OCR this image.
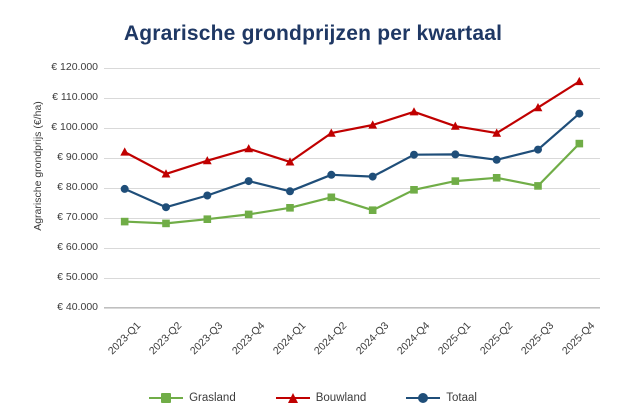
Agrarische grondprijzen per kwartaal
Agrarische grondprijs (€/ha)
€ 40.000
€ 50.000
€ 60.000
€ 70.000
€ 80.000
€ 90.000
€ 100.000
€ 110.000
€ 120.000
2023-Q1 2023-Q2 2023-Q3 2023-Q4 2024-Q1 2024-Q2 2024-Q3 2024-Q4 2025-Q1 2025-Q2 2025-Q3 2025-Q4
Grasland	Bouwland	Totaal
